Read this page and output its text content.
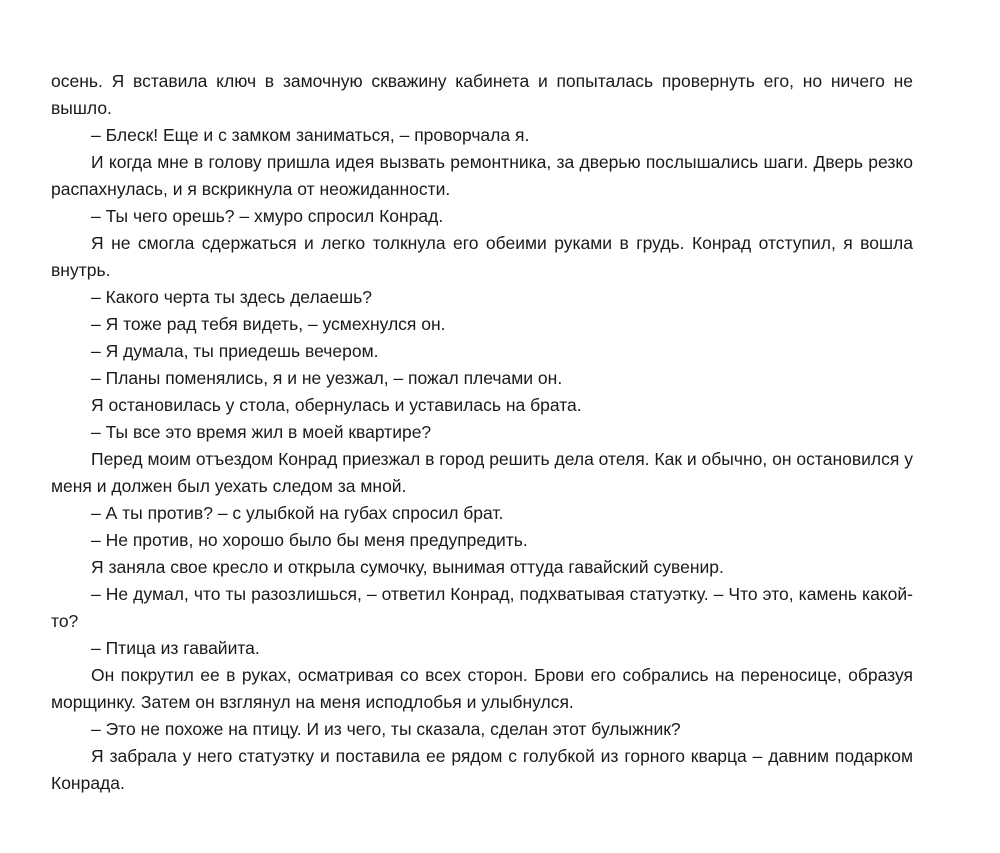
осень. Я вставила ключ в замочную скважину кабинета и попыталась провернуть его, но ничего не вышло.

– Блеск! Еще и с замком заниматься, – проворчала я.

И когда мне в голову пришла идея вызвать ремонтника, за дверью послышались шаги. Дверь резко распахнулась, и я вскрикнула от неожиданности.

– Ты чего орешь? – хмуро спросил Конрад.

Я не смогла сдержаться и легко толкнула его обеими руками в грудь. Конрад отступил, я вошла внутрь.

– Какого черта ты здесь делаешь?

– Я тоже рад тебя видеть, – усмехнулся он.

– Я думала, ты приедешь вечером.

– Планы поменялись, я и не уезжал, – пожал плечами он.

Я остановилась у стола, обернулась и уставилась на брата.

– Ты все это время жил в моей квартире?

Перед моим отъездом Конрад приезжал в город решить дела отеля. Как и обычно, он остановился у меня и должен был уехать следом за мной.

– А ты против? – с улыбкой на губах спросил брат.

– Не против, но хорошо было бы меня предупредить.

Я заняла свое кресло и открыла сумочку, вынимая оттуда гавайский сувенир.

– Не думал, что ты разозлишься, – ответил Конрад, подхватывая статуэтку. – Что это, камень какой-то?

– Птица из гавайита.

Он покрутил ее в руках, осматривая со всех сторон. Брови его собрались на переносице, образуя морщинку. Затем он взглянул на меня исподлобья и улыбнулся.

– Это не похоже на птицу. И из чего, ты сказала, сделан этот булыжник?

Я забрала у него статуэтку и поставила ее рядом с голубкой из горного кварца – давним подарком Конрада.
